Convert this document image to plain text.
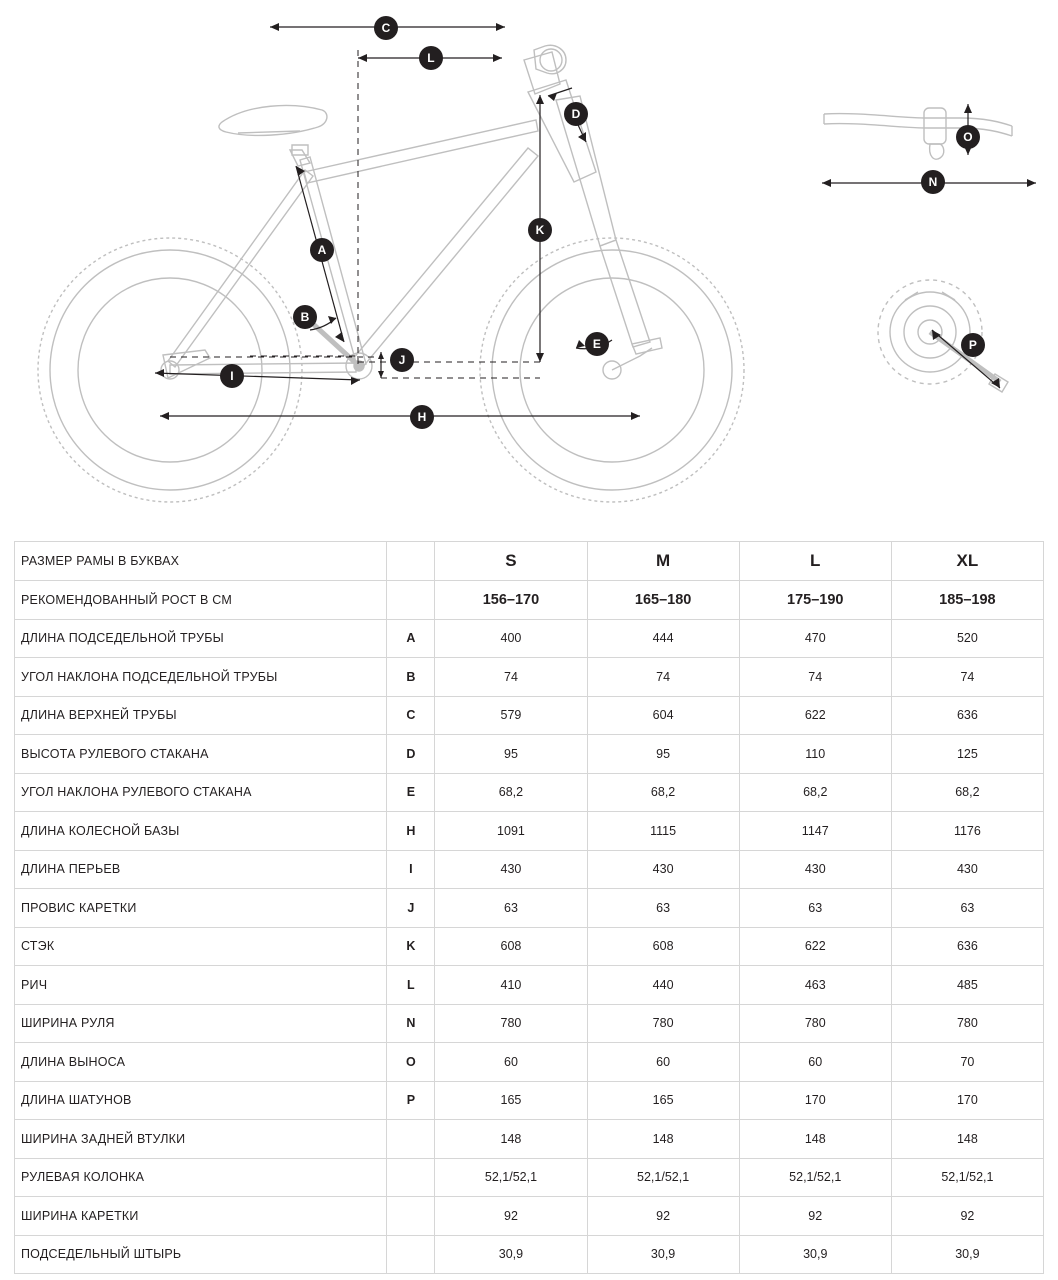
C
L
D
O
N
A
K
B
P
E
J
I
H
РАЗМЕР РАМЫ В БУКВАХ		S	M	L	XL
РЕКОМЕНДОВАННЫЙ РОСТ В СМ		156–170	165–180	175–190	185–198
ДЛИНА ПОДСЕДЕЛЬНОЙ ТРУБЫ	A	400	444	470	520
УГОЛ НАКЛОНА ПОДСЕДЕЛЬНОЙ ТРУБЫ	B	74	74	74	74
ДЛИНА ВЕРХНЕЙ ТРУБЫ	C	579	604	622	636
ВЫСОТА РУЛЕВОГО СТАКАНА	D	95	95	110	125
УГОЛ НАКЛОНА РУЛЕВОГО СТАКАНА	E	68,2	68,2	68,2	68,2
ДЛИНА КОЛЕСНОЙ БАЗЫ	H	1091	1115	1147	1176
ДЛИНА ПЕРЬЕВ	I	430	430	430	430
ПРОВИС КАРЕТКИ	J	63	63	63	63
СТЭК	K	608	608	622	636
РИЧ	L	410	440	463	485
ШИРИНА РУЛЯ	N	780	780	780	780
ДЛИНА ВЫНОСА	O	60	60	60	70
ДЛИНА ШАТУНОВ	P	165	165	170	170
ШИРИНА ЗАДНЕЙ ВТУЛКИ		148	148	148	148
РУЛЕВАЯ КОЛОНКА		52,1/52,1	52,1/52,1	52,1/52,1	52,1/52,1
ШИРИНА КАРЕТКИ		92	92	92	92
ПОДСЕДЕЛЬНЫЙ ШТЫРЬ		30,9	30,9	30,9	30,9
